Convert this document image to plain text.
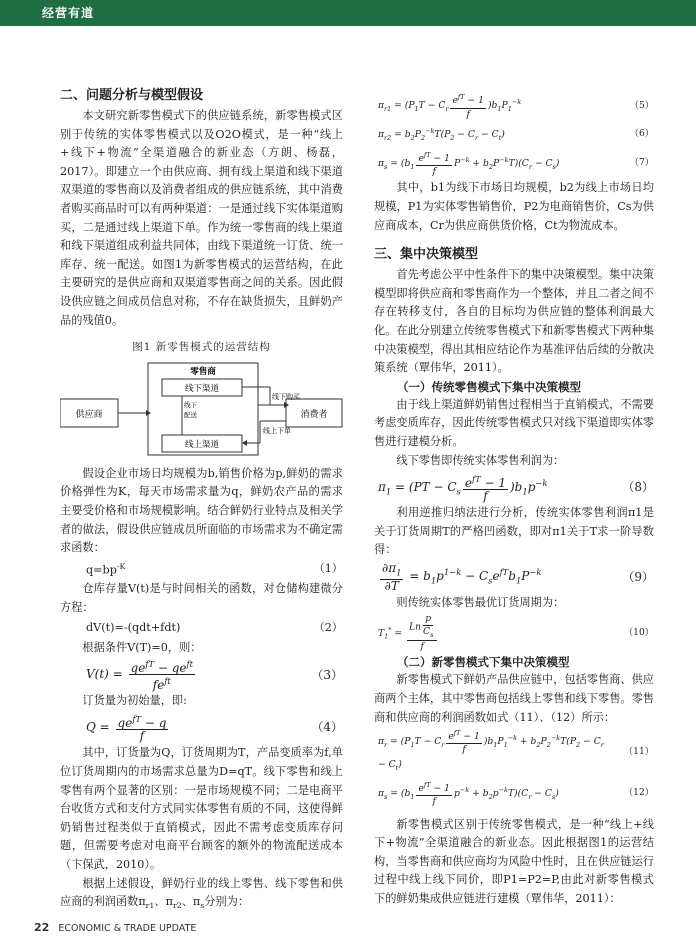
经营有道
二、问题分析与模型假设

本文研究新零售模式下的供应链系统，新零售模式区别于传统的实体零售模式以及O2O模式，是一种“线上+线下+物流”全渠道融合的新业态（方朗、杨磊，2017）。即建立一个由供应商、拥有线上渠道和线下渠道双渠道的零售商以及消费者组成的供应链系统，其中消费者购买商品时可以有两种渠道：一是通过线下实体渠道购买，二是通过线上渠道下单。作为统一零售商的线上渠道和线下渠道组成利益共同体，由线下渠道统一订货、统一库存、统一配送。如图1为新零售模式的运营结构，在此主要研究的是供应商和双渠道零售商之间的关系。因此假设供应链之间成员信息对称，不存在缺货损失，且鲜奶产品的残值0。

图1 新零售模式的运营结构
供应商
零售商
线下渠道
线上渠道
线下
配送	消费者
线下购买
线上下单

假设企业市场日均规模为b,销售价格为p,鲜奶的需求价格弹性为K，每天市场需求量为q，鲜奶农产品的需求主要受价格和市场规模影响。结合鲜奶行业特点及相关学者的做法，假设供应链成员所面临的市场需求为不确定需求函数：

$q=bp^{-K}$	（1）

仓库存量V(t)是与时间相关的函数，对仓储构建微分方程：

dV(t)=-(qdt+fdt)	（2）

根据条件V(T)=0，则：

$V(t) = \frac{qe^{fT} - qe^{ft}}{fe^{ft}}$	（3）

订货量为初始量，即:

$Q = \frac{qe^{fT} - q}{f}$	（4）

其中，订货量为Q，订货周期为T，产品变质率为f,单位订货周期内的市场需求总量为D=qT。线下零售和线上零售有两个显著的区别：一是市场规模不同；二是电商平台收货方式和支付方式同实体零售有质的不同，这使得鲜奶销售过程类似于直销模式，因此不需考虑变质库存问题，但需要考虑对电商平台顾客的额外的物流配送成本（卞保武，2010）。

根据上述假设，鲜奶行业的线上零售、线下零售和供应商的利润函数$\pi_{r1}$、$\pi_{r2}$、$\pi_s$分别为：

$\pi_{r1} = (P_1T - C_r \frac{e^{fT} - 1}{f} )b_1P_1^{-k}$	（5）
$\pi_{r2} = b_2P_2^{-k}T(P_2 - C_r - C_t)$	（6）
$\pi_s = (b_1 \frac{e^{fT} - 1}{f} P^{-k} + b_2P^{-k}T)(C_r - C_s)$	（7）

其中，b1为线下市场日均规模，b2为线上市场日均规模，P1为实体零售销售价，P2为电商销售价，Cs为供应商成本，Cr为供应商供货价格，Ct为物流成本。

三、集中决策模型

首先考虑公平中性条件下的集中决策模型。集中决策模型即将供应商和零售商作为一个整体，并且二者之间不存在转移支付，各自的目标均为供应链的整体利润最大化。在此分别建立传统零售模式下和新零售模式下两种集中决策模型，得出其相应结论作为基准评估后续的分散决策系统（覃伟华，2011）。

（一）传统零售模式下集中决策模型

由于线上渠道鲜奶销售过程相当于直销模式，不需要考虑变质库存，因此传统零售模式只对线下渠道即实体零售进行建模分析。

线下零售即传统实体零售利润为：

$\pi_1 = (PT - C_s \frac{e^{fT} - 1}{f} )b_1p^{-k}$	（8）

利用逆推归纳法进行分析，传统实体零售利润π1是关于订货周期T的严格凹函数，即对π1关于T求一阶导数得：

$\frac{\partial\pi_1}{\partial T} = b_1p^{1-k} - C_se^{fT}b_1P^{-k}$	（9）

则传统实体零售最优订货周期为：

$T_1^* = \frac{Ln \frac{p}{C_s}}{f}$	（10）
（二）新零售模式下集中决策模型

新零售模式下鲜奶产品供应链中，包括零售商、供应商两个主体，其中零售商包括线上零售和线下零售。零售商和供应商的利润函数如式（11）、（12）所示：

$\pi_r = (P_1T - C_r \frac{e^{fT} - 1}{f} )b_1P_1^{-k} + b_2P_2^{-k}T(P_2 - C_r - C_t)$
（11）
$\pi_s = (b_1 \frac{e^{fT} - 1}{f} p^{-k} + b_2p^{-k}T)(C_r - C_s)$	（12）

新零售模式区别于传统零售模式，是一种“线上+线下+物流”全渠道融合的新业态。因此根据图1的运营结构，当零售商和供应商均为风险中性时，且在供应链运行过程中线上线下同价，即P1=P2=P,由此对新零售模式下的鲜奶集成供应链进行建模（覃伟华，2011）：

22 ECONOMIC & TRADE UPDATE
